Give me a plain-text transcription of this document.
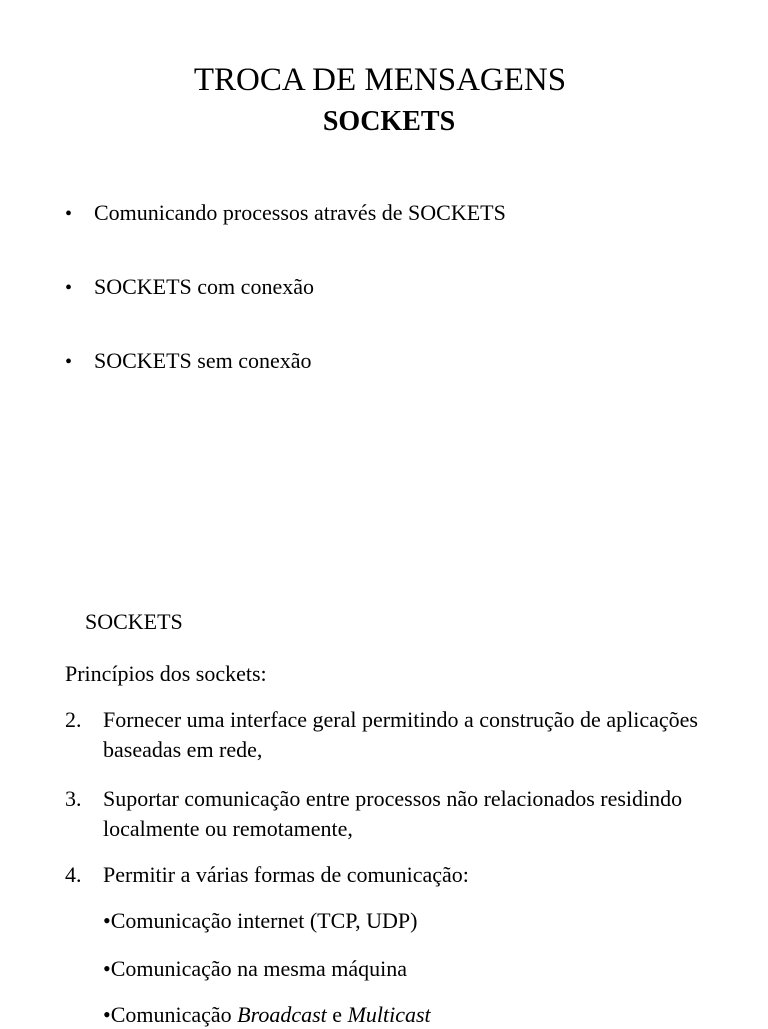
TROCA DE MENSAGENS
SOCKETS
• Comunicando processos através de SOCKETS
• SOCKETS com conexão
• SOCKETS sem conexão
SOCKETS
Princípios dos sockets:
2. Fornecer uma interface geral permitindo a construção de aplicações baseadas em rede,
3. Suportar comunicação entre processos não relacionados residindo localmente ou remotamente,
4. Permitir a várias formas de comunicação:
•Comunicação internet (TCP, UDP)
•Comunicação na mesma máquina
•Comunicação Broadcast e Multicast
